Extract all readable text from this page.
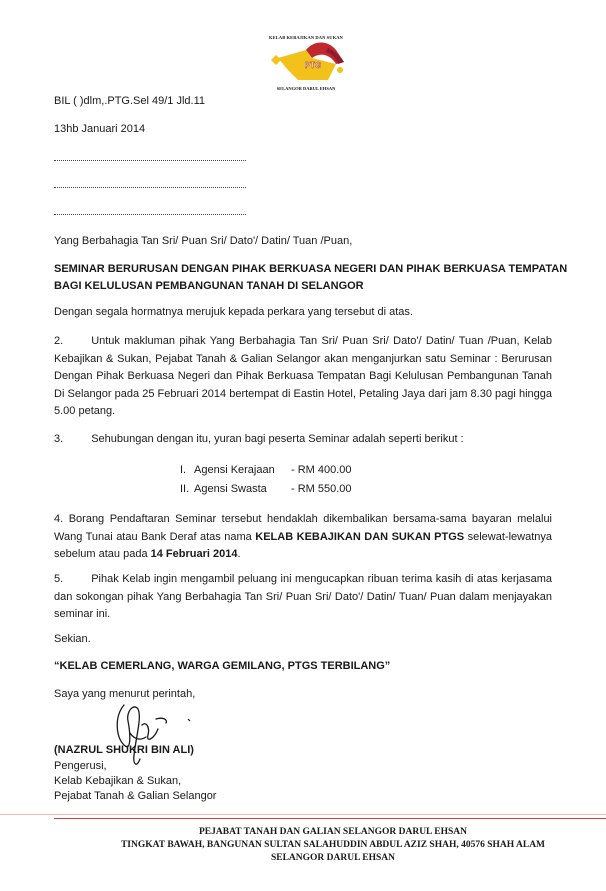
KELAB KEBAJIKAN DAN SUKAN
PTG
SELANGOR DARUL EHSAN
BIL ( )dlm,.PTG.Sel 49/1 Jld.11
13hb Januari 2014
Yang Berbahagia Tan Sri/ Puan Sri/ Dato'/ Datin/ Tuan /Puan,
SEMINAR BERURUSAN DENGAN PIHAK BERKUASA NEGERI DAN PIHAK BERKUASA TEMPATAN
BAGI KELULUSAN PEMBANGUNAN TANAH DI SELANGOR
Dengan segala hormatnya merujuk kepada perkara yang tersebut di atas.
2.	Untuk makluman pihak Yang Berbahagia Tan Sri/ Puan Sri/ Dato'/ Datin/ Tuan /Puan, Kelab Kebajikan & Sukan, Pejabat Tanah & Galian Selangor akan menganjurkan satu Seminar : Berurusan Dengan Pihak Berkuasa Negeri dan Pihak Berkuasa Tempatan Bagi Kelulusan Pembangunan Tanah Di Selangor pada 25 Februari 2014 bertempat di Eastin Hotel, Petaling Jaya dari jam 8.30 pagi hingga 5.00 petang.
3.	Sehubungan dengan itu, yuran bagi peserta Seminar adalah seperti berikut :
I. Agensi Kerajaan - RM 400.00
II. Agensi Swasta - RM 550.00
4. Borang Pendaftaran Seminar tersebut hendaklah dikembalikan bersama-sama bayaran melalui Wang Tunai atau Bank Deraf atas nama KELAB KEBAJIKAN DAN SUKAN PTGS selewat-lewatnya sebelum atau pada 14 Februari 2014.
5.	Pihak Kelab ingin mengambil peluang ini mengucapkan ribuan terima kasih di atas kerjasama dan sokongan pihak Yang Berbahagia Tan Sri/ Puan Sri/ Dato'/ Datin/ Tuan/ Puan dalam menjayakan seminar ini.
Sekian.
“KELAB CEMERLANG, WARGA GEMILANG, PTGS TERBILANG”
Saya yang menurut perintah,
(NAZRUL SHUKRI BIN ALI)
Pengerusi,
Kelab Kebajikan & Sukan,
Pejabat Tanah & Galian Selangor
PEJABAT TANAH DAN GALIAN SELANGOR DARUL EHSAN
TINGKAT BAWAH, BANGUNAN SULTAN SALAHUDDIN ABDUL AZIZ SHAH, 40576 SHAH ALAM
SELANGOR DARUL EHSAN
